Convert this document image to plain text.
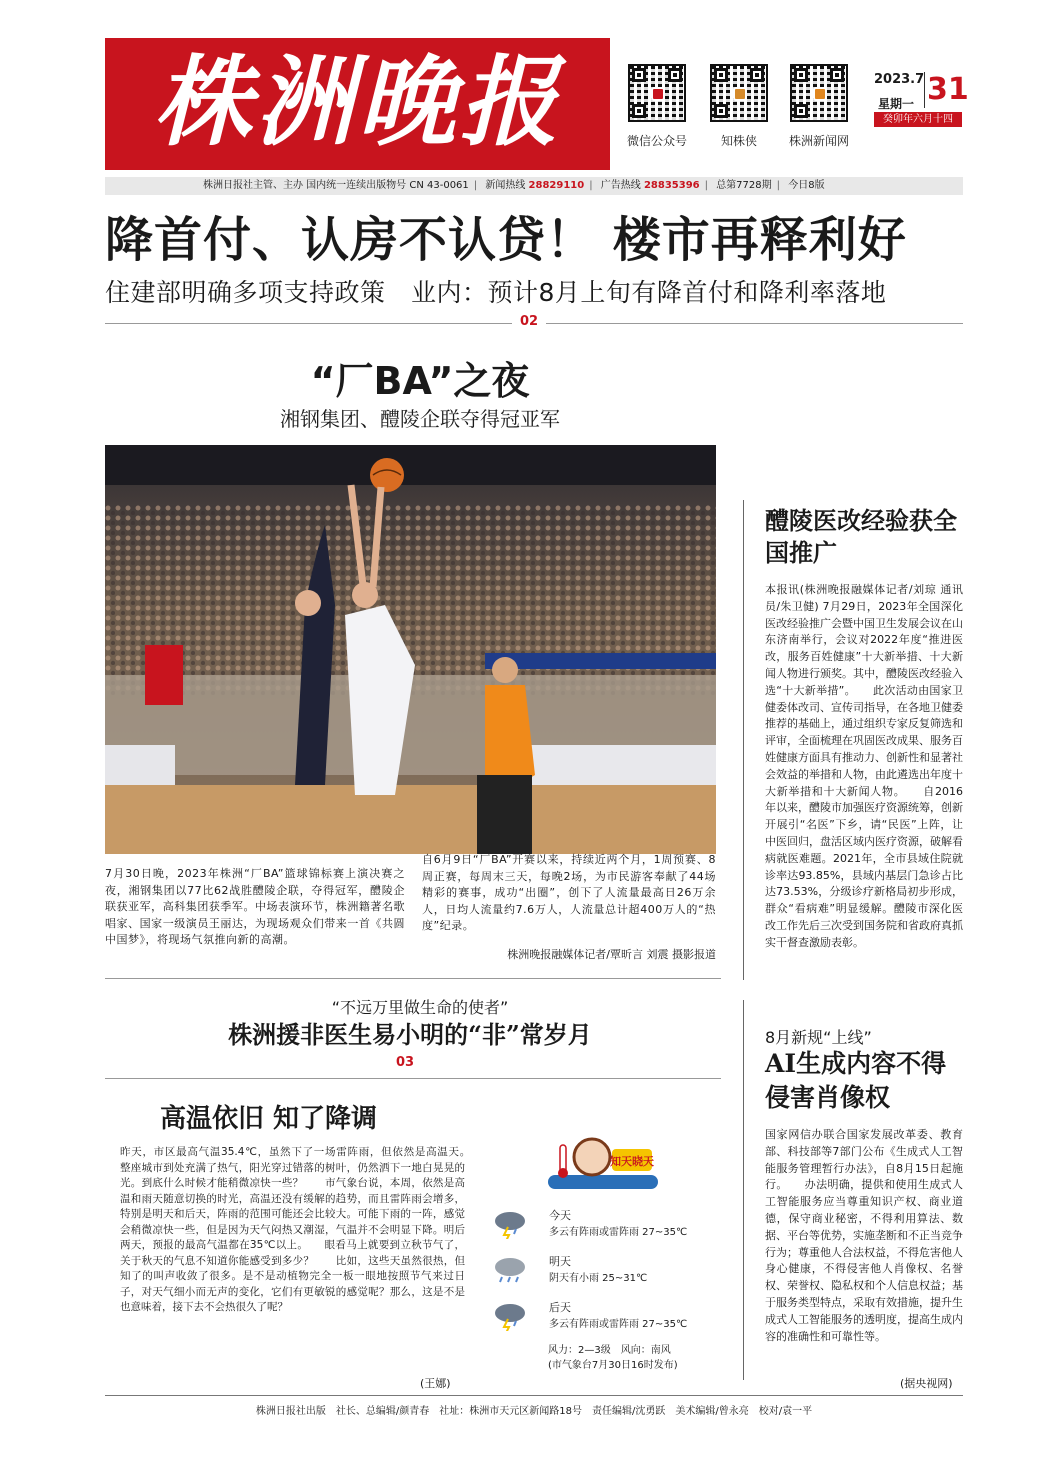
株洲晚报	微信公众号	知株侠	株洲新闻网
2023.7
星期一 31
癸卯年六月十四
株洲日报社主管、主办 国内统一连续出版物号 CN 43-0061 | 新闻热线 28829110 | 广告热线 28835396 | 总第7728期 | 今日8版
降首付、认房不认贷！ 楼市再释利好
住建部明确多项支持政策　业内：预计8月上旬有降首付和降利率落地
02
“厂BA”之夜
湘钢集团、醴陵企联夺得冠亚军
7月30日晚，2023年株洲“厂BA”篮球锦标赛上演决赛之夜，湘钢集团以77比62战胜醴陵企联，夺得冠军，醴陵企联获亚军，高科集团获季军。中场表演环节，株洲籍著名歌唱家、国家一级演员王丽达，为现场观众们带来一首《共圆中国梦》，将现场气氛推向新的高潮。
自6月9日“厂BA”开赛以来，持续近两个月，1周预赛、8周正赛，每周末三天，每晚2场，为市民游客奉献了44场精彩的赛事，成功“出圈”，创下了人流量最高日26万余人，日均人流量约7.6万人，人流量总计超400万人的“热度”纪录。
株洲晚报融媒体记者/覃昕言 刘震 摄影报道
醴陵医改经验获全国推广
本报讯(株洲晚报融媒体记者/刘琼 通讯员/朱卫健) 7月29日，2023年全国深化医改经验推广会暨中国卫生发展会议在山东济南举行，会议对2022年度“推进医改，服务百姓健康”十大新举措、十大新闻人物进行颁奖。其中，醴陵医改经验入选“十大新举措”。　　此次活动由国家卫健委体改司、宣传司指导，在各地卫健委推荐的基础上，通过组织专家反复筛选和评审，全面梳理在巩固医改成果、服务百姓健康方面具有推动力、创新性和显著社会效益的举措和人物，由此遴选出年度十大新举措和十大新闻人物。　　自2016年以来，醴陵市加强医疗资源统筹，创新开展引“名医”下乡，请“民医”上阵，让中医回归，盘活区域内医疗资源，破解看病就医难题。2021年，全市县域住院就诊率达93.85%，县域内基层门急诊占比达73.53%，分级诊疗新格局初步形成，群众“看病难”明显缓解。醴陵市深化医改工作先后三次受到国务院和省政府真抓实干督查激励表彰。
“不远万里做生命的使者”
株洲援非医生易小明的“非”常岁月
03
8月新规“上线”
AI生成内容不得侵害肖像权
国家网信办联合国家发展改革委、教育部、科技部等7部门公布《生成式人工智能服务管理暂行办法》，自8月15日起施行。　　办法明确，提供和使用生成式人工智能服务应当尊重知识产权、商业道德，保守商业秘密，不得利用算法、数据、平台等优势，实施垄断和不正当竞争行为；尊重他人合法权益，不得危害他人身心健康，不得侵害他人肖像权、名誉权、荣誉权、隐私权和个人信息权益；基于服务类型特点，采取有效措施，提升生成式人工智能服务的透明度，提高生成内容的准确性和可靠性等。
(据央视网)
高温依旧 知了降调
昨天，市区最高气温35.4℃，虽然下了一场雷阵雨，但依然是高温天。　　整座城市到处充满了热气，阳光穿过错落的树叶，仍然洒下一地白晃晃的光。到底什么时候才能稍微凉快一些？　　市气象台说，本周，依然是高温和雨天随意切换的时光，高温还没有缓解的趋势，而且雷阵雨会增多，特别是明天和后天，阵雨的范围可能还会比较大。可能下雨的一阵，感觉会稍微凉快一些，但是因为天气闷热又潮湿，气温并不会明显下降。明后两天，预报的最高气温都在35℃以上。　　眼看马上就要到立秋节气了，关于秋天的气息不知道你能感受到多少？　　比如，这些天虽然很热，但知了的叫声收敛了很多。是不是动植物完全一板一眼地按照节气来过日子，对天气细小而无声的变化，它们有更敏锐的感觉呢？那么，这是不是也意味着，接下去不会热很久了呢？
(王娜)
知天晓天
今天
多云有阵雨或雷阵雨 27~35℃
明天
阴天有小雨 25~31℃
后天
多云有阵雨或雷阵雨 27~35℃
风力：2—3级　风向：南风
(市气象台7月30日16时发布)
株洲日报社出版　社长、总编辑/颜青春　社址：株洲市天元区新闻路18号　责任编辑/沈勇跃　美术编辑/曾永亮　校对/袁一平
